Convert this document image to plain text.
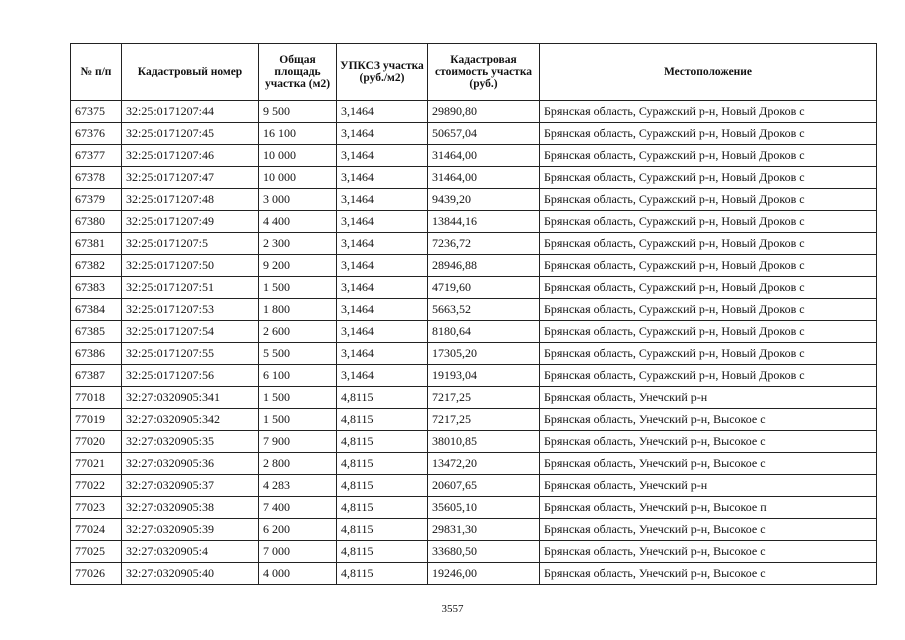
№ п/п	Кадастровый номер	Общая площадь участка (м2)	УПКСЗ участка (руб./м2)	Кадастровая стоимость участка (руб.)	Местоположение
67375	32:25:0171207:44	9 500	3,1464	29890,80	Брянская область, Суражский р-н, Новый Дроков с
67376	32:25:0171207:45	16 100	3,1464	50657,04	Брянская область, Суражский р-н, Новый Дроков с
67377	32:25:0171207:46	10 000	3,1464	31464,00	Брянская область, Суражский р-н, Новый Дроков с
67378	32:25:0171207:47	10 000	3,1464	31464,00	Брянская область, Суражский р-н, Новый Дроков с
67379	32:25:0171207:48	3 000	3,1464	9439,20	Брянская область, Суражский р-н, Новый Дроков с
67380	32:25:0171207:49	4 400	3,1464	13844,16	Брянская область, Суражский р-н, Новый Дроков с
67381	32:25:0171207:5	2 300	3,1464	7236,72	Брянская область, Суражский р-н, Новый Дроков с
67382	32:25:0171207:50	9 200	3,1464	28946,88	Брянская область, Суражский р-н, Новый Дроков с
67383	32:25:0171207:51	1 500	3,1464	4719,60	Брянская область, Суражский р-н, Новый Дроков с
67384	32:25:0171207:53	1 800	3,1464	5663,52	Брянская область, Суражский р-н, Новый Дроков с
67385	32:25:0171207:54	2 600	3,1464	8180,64	Брянская область, Суражский р-н, Новый Дроков с
67386	32:25:0171207:55	5 500	3,1464	17305,20	Брянская область, Суражский р-н, Новый Дроков с
67387	32:25:0171207:56	6 100	3,1464	19193,04	Брянская область, Суражский р-н, Новый Дроков с
77018	32:27:0320905:341	1 500	4,8115	7217,25	Брянская область, Унечский р-н
77019	32:27:0320905:342	1 500	4,8115	7217,25	Брянская область, Унечский р-н, Высокое с
77020	32:27:0320905:35	7 900	4,8115	38010,85	Брянская область, Унечский р-н, Высокое с
77021	32:27:0320905:36	2 800	4,8115	13472,20	Брянская область, Унечский р-н, Высокое с
77022	32:27:0320905:37	4 283	4,8115	20607,65	Брянская область, Унечский р-н
77023	32:27:0320905:38	7 400	4,8115	35605,10	Брянская область, Унечский р-н, Высокое п
77024	32:27:0320905:39	6 200	4,8115	29831,30	Брянская область, Унечский р-н, Высокое с
77025	32:27:0320905:4	7 000	4,8115	33680,50	Брянская область, Унечский р-н, Высокое с
77026	32:27:0320905:40	4 000	4,8115	19246,00	Брянская область, Унечский р-н, Высокое с
3557
